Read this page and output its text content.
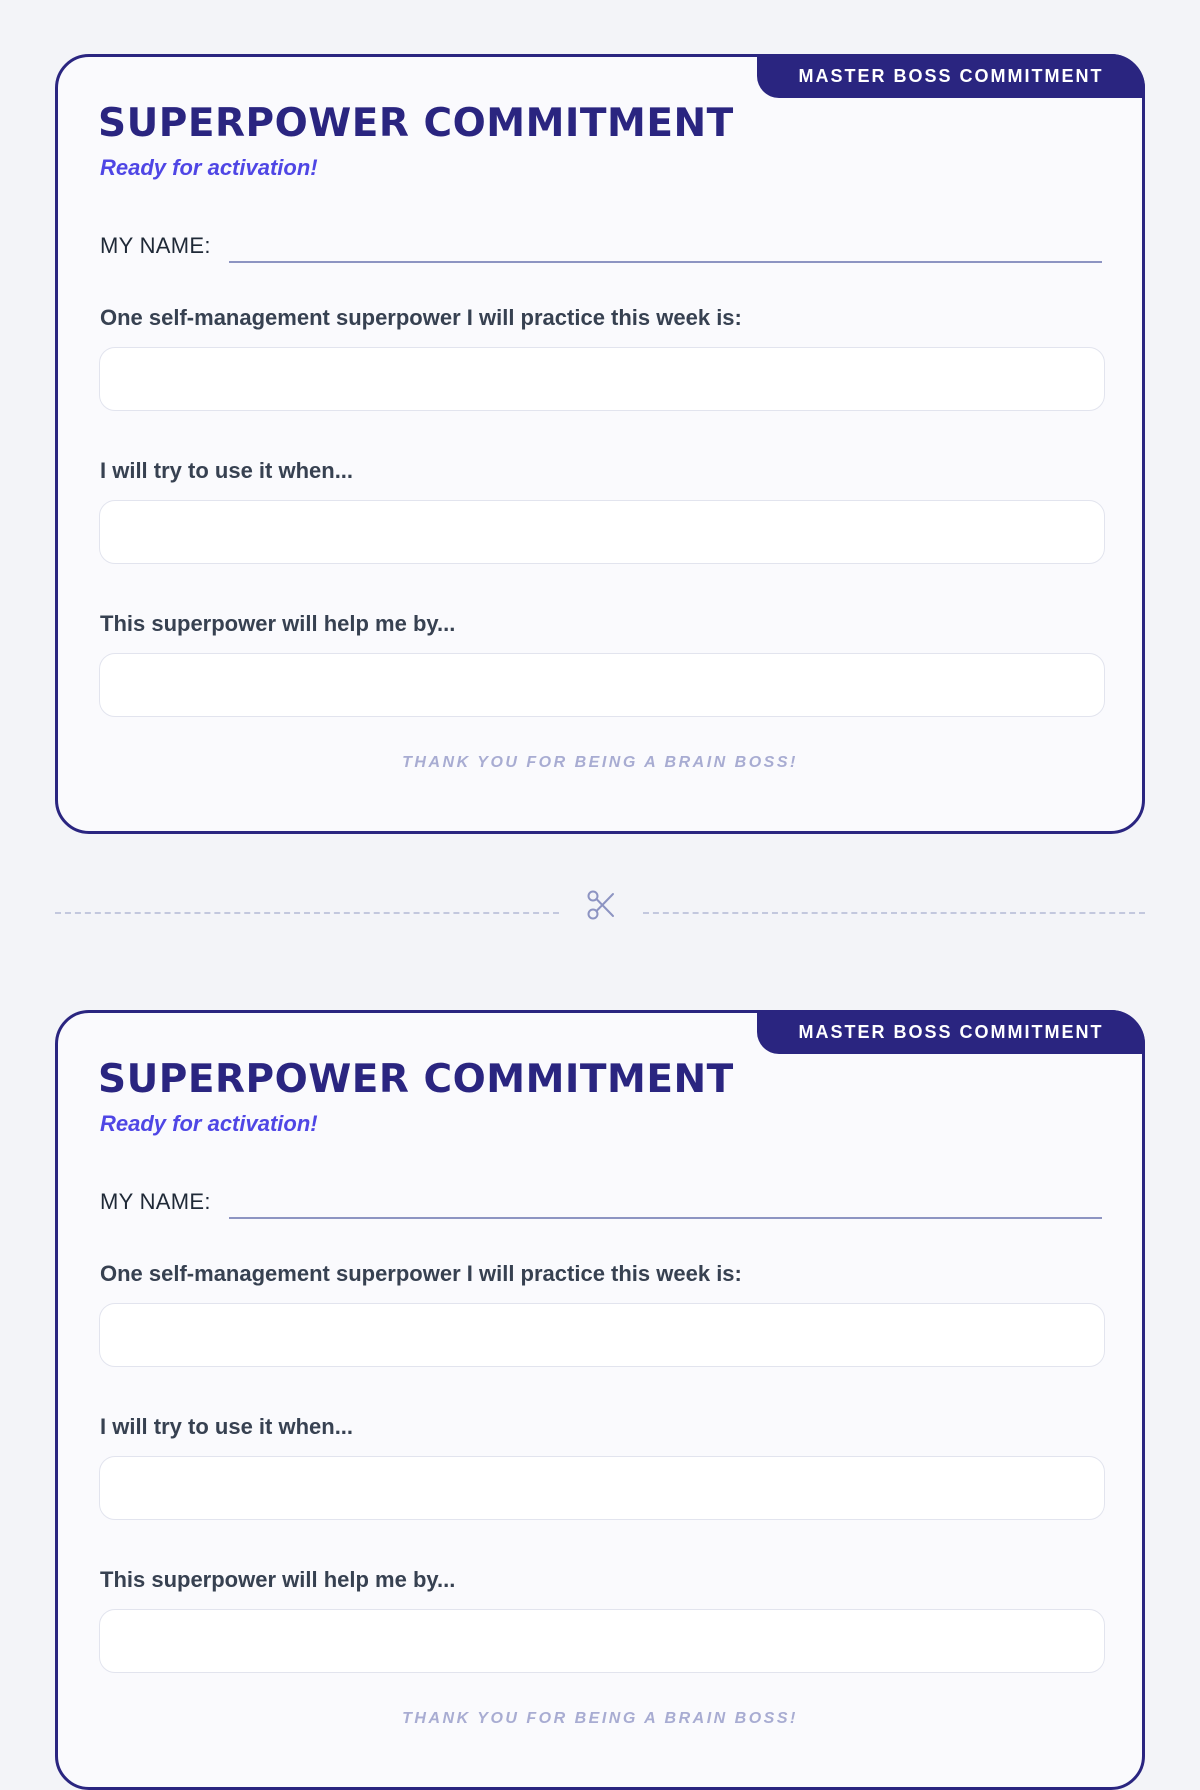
MASTER BOSS COMMITMENT
SUPERPOWER COMMITMENT
Ready for activation!
MY NAME:
One self-management superpower I will practice this week is:
I will try to use it when...
This superpower will help me by...
THANK YOU FOR BEING A BRAIN BOSS!
MASTER BOSS COMMITMENT
SUPERPOWER COMMITMENT
Ready for activation!
MY NAME:
One self-management superpower I will practice this week is:
I will try to use it when...
This superpower will help me by...
THANK YOU FOR BEING A BRAIN BOSS!
